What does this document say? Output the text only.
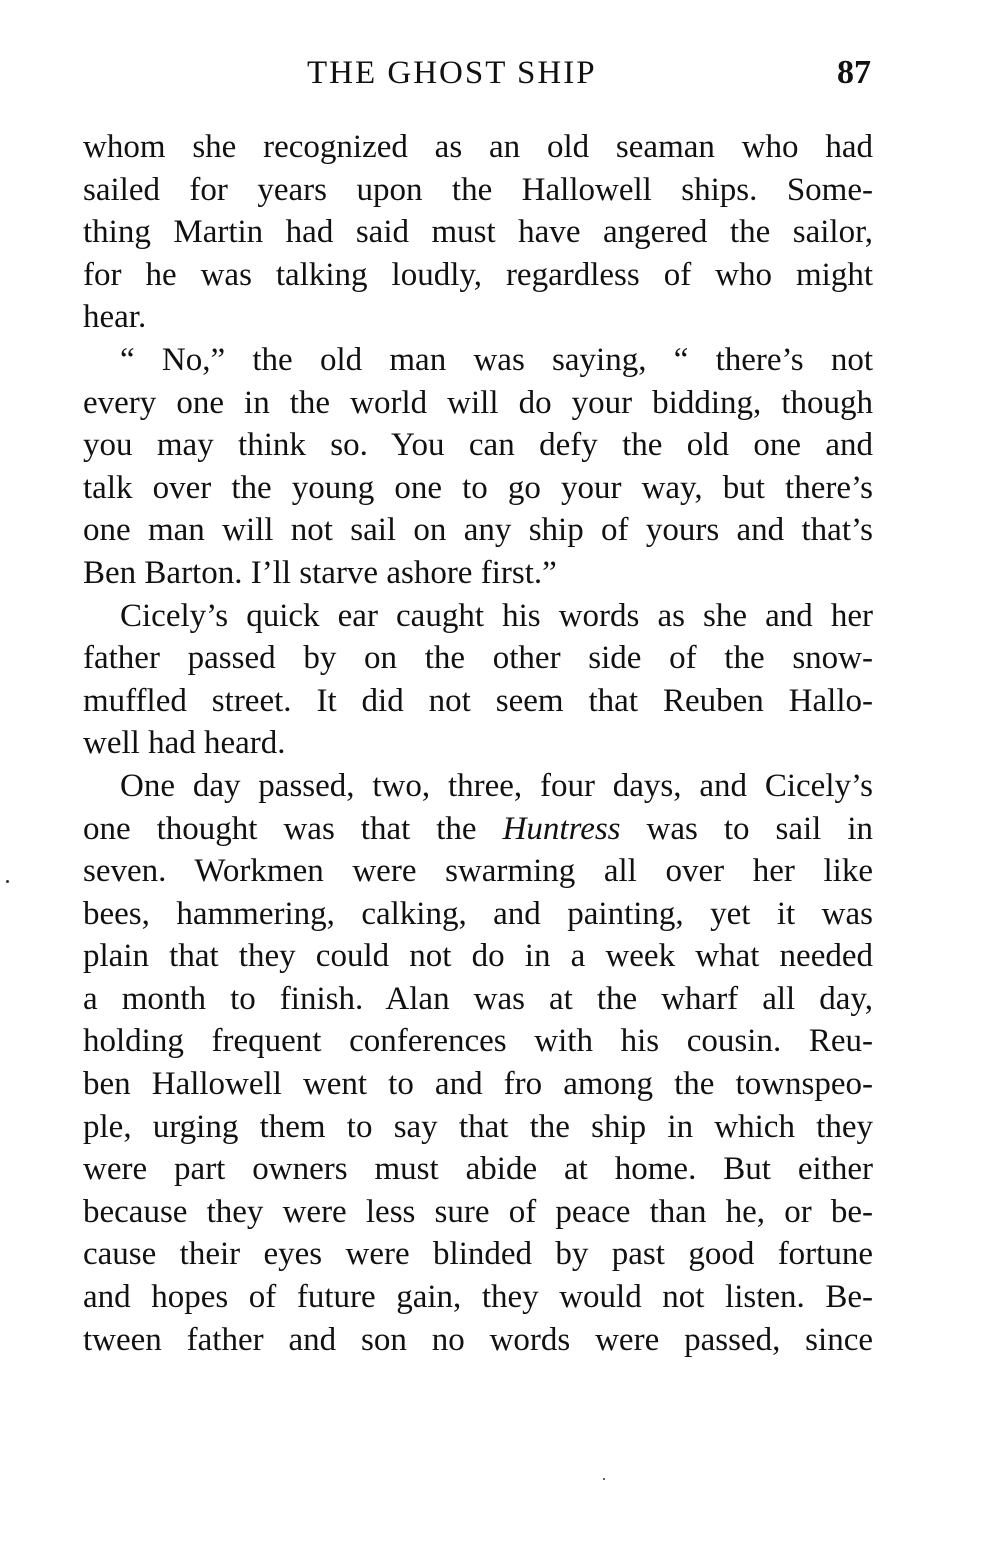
THE GHOST SHIP	87
whom she recognized as an old seaman who had
sailed for years upon the Hallowell ships. Some-
thing Martin had said must have angered the sailor,
for he was talking loudly, regardless of who might
hear.
“ No,” the old man was saying, “ there’s not
every one in the world will do your bidding, though
you may think so. You can defy the old one and
talk over the young one to go your way, but there’s
one man will not sail on any ship of yours and that’s
Ben Barton. I’ll starve ashore first.”
Cicely’s quick ear caught his words as she and her
father passed by on the other side of the snow-
muffled street. It did not seem that Reuben Hallo-
well had heard.
One day passed, two, three, four days, and Cicely’s
one thought was that the Huntress was to sail in
seven. Workmen were swarming all over her like
bees, hammering, calking, and painting, yet it was
plain that they could not do in a week what needed
a month to finish. Alan was at the wharf all day,
holding frequent conferences with his cousin. Reu-
ben Hallowell went to and fro among the townspeo-
ple, urging them to say that the ship in which they
were part owners must abide at home. But either
because they were less sure of peace than he, or be-
cause their eyes were blinded by past good fortune
and hopes of future gain, they would not listen. Be-
tween father and son no words were passed, since
